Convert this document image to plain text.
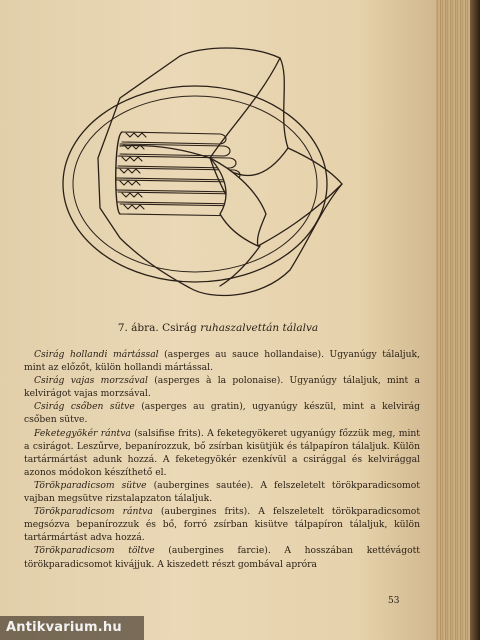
7. ábra. Csirág ruhaszalvettán tálalva

Csirág hollandi mártással (asperges au sauce hollandaise). Ugyanúgy tálaljuk, mint az előzőt, külön hollandi mártással.

Csirág vajas morzsával (asperges à la polonaise). Ugyanúgy tálaljuk, mint a kelvirágot vajas morzsával.

Csirág csőben sütve (asperges au gratin), ugyanúgy készül, mint a kelvirág csőben sütve.

Feketegyökér rántva (salsifise frits). A feketegyökeret ugyanúgy főzzük meg, mint a csirágot. Leszűrve, bepanírozzuk, bő zsírban kisütjük és tálpapíron tálaljuk. Külön tartármártást adunk hozzá. A feketegyökér ezenkívül a csirággal és kelvirággal azonos módokon készíthető el.

Törökparadicsom sütve (aubergines sautée). A felszeletelt törökparadicsomot vajban megsütve rizstalapzaton tálaljuk.

Törökparadicsom rántva (aubergines frits). A felszeletelt törökparadicsomot megsózva bepanírozzuk és bő, forró zsírban kisütve tálpapíron tálaljuk, külön tartármártást adva hozzá.

Törökparadicsom töltve (aubergines farcie). A hosszában kettévágott törökparadicsomot kivájjuk. A kiszedett részt gombával apróra

53
Antikvarium.hu
